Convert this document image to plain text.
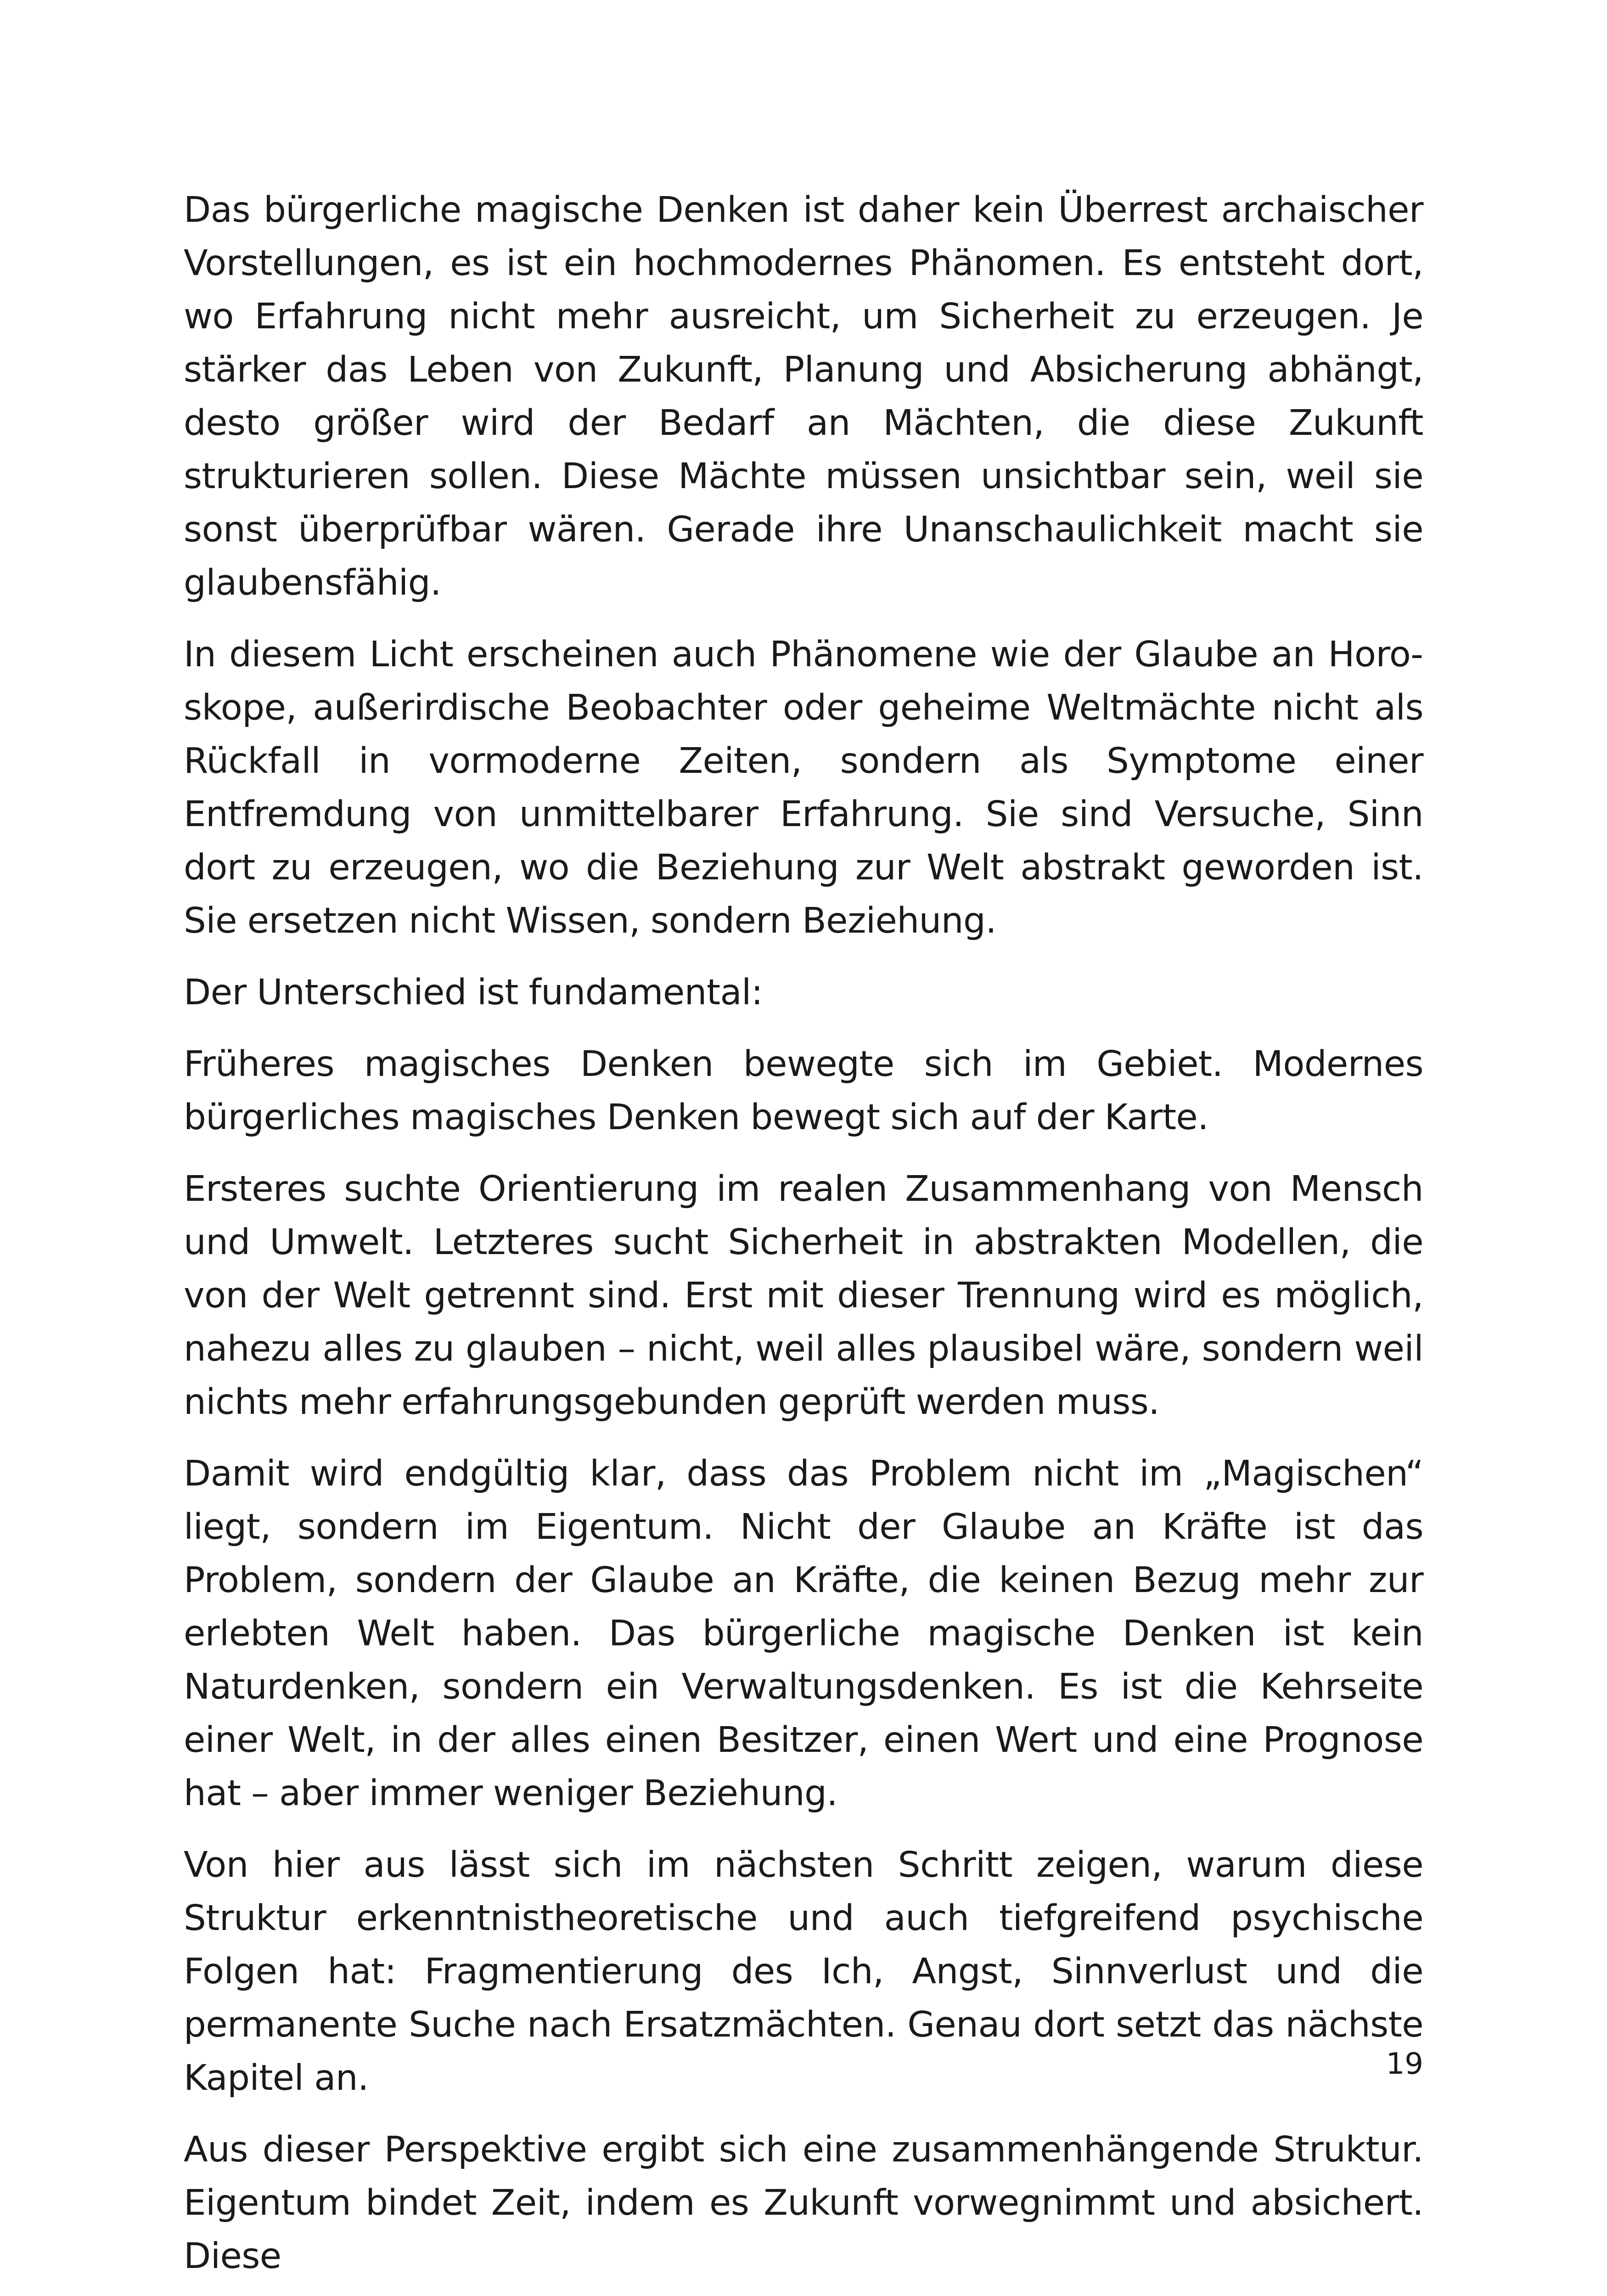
Das bürgerliche magische Denken ist daher kein Überrest archaischer Vorstellungen, es ist ein hochmodernes Phänomen. Es entsteht dort, wo Erfahrung nicht mehr ausreicht, um Sicherheit zu erzeugen. Je stärker das Leben von Zukunft, Planung und Absicherung abhängt, desto größer wird der Bedarf an Mächten, die diese Zukunft strukturieren sollen. Diese Mächte müssen unsichtbar sein, weil sie sonst überprüfbar wären. Gerade ihre Unanschaulichkeit macht sie glaubensfähig.

In diesem Licht erscheinen auch Phänomene wie der Glaube an Horoskope, außerirdische Beobachter oder geheime Weltmächte nicht als Rückfall in vormoderne Zeiten, sondern als Symptome einer Entfremdung von unmittelbarer Erfahrung. Sie sind Versuche, Sinn dort zu erzeugen, wo die Beziehung zur Welt abstrakt geworden ist. Sie ersetzen nicht Wissen, sondern Beziehung.

Der Unterschied ist fundamental:

Früheres magisches Denken bewegte sich im Gebiet. Modernes bürgerliches magisches Denken bewegt sich auf der Karte.

Ersteres suchte Orientierung im realen Zusammenhang von Mensch und Umwelt. Letzteres sucht Sicherheit in abstrakten Modellen, die von der Welt getrennt sind. Erst mit dieser Trennung wird es möglich, nahezu alles zu glauben – nicht, weil alles plausibel wäre, sondern weil nichts mehr erfahrungsgebunden geprüft werden muss.

Damit wird endgültig klar, dass das Problem nicht im „Magischen“ liegt, sondern im Eigentum. Nicht der Glaube an Kräfte ist das Problem, sondern der Glaube an Kräfte, die keinen Bezug mehr zur erlebten Welt haben. Das bürgerliche magische Denken ist kein Naturdenken, sondern ein Verwaltungsdenken. Es ist die Kehrseite einer Welt, in der alles einen Besitzer, einen Wert und eine Prognose hat – aber immer weniger Beziehung.

Von hier aus lässt sich im nächsten Schritt zeigen, warum diese Struktur erkenntnistheoretische und auch tiefgreifend psychische Folgen hat: Fragmentierung des Ich, Angst, Sinnverlust und die permanente Suche nach Ersatzmächten. Genau dort setzt das nächste Kapitel an.

Aus dieser Perspektive ergibt sich eine zusammenhängende Struktur. Eigentum bindet Zeit, indem es Zukunft vorwegnimmt und absichert. Diese

19
